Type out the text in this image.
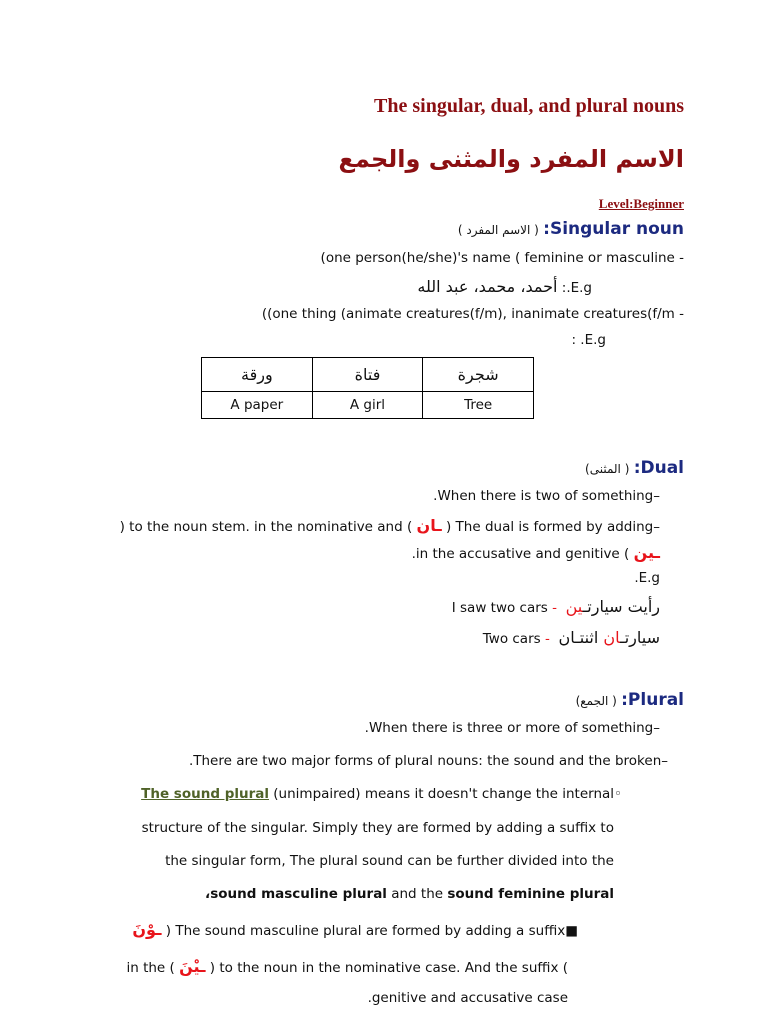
The singular, dual, and plural nouns
الاسم المفرد والمثنى والجمع
Level:Beginner
( الاسم المفرد ) :Singular noun
(one person(he/she)'s name ( feminine or masculine -
أحمد، محمد، عبد الله :.E.g
((one thing (animate creatures(f/m), inanimate creatures(f/m -
: .E.g
ورقة	فتاة	شجرة
A paper	A girl	Tree
(المثنى ) :Dual
.When there is two of something–
) to the noun stem. in the nominative and ( ـان ) The dual is formed by adding–
.in the accusative and genitive ( ـين
.E.g
I saw two cars - رأيت سيارتـين
Two cars -	سيارتـان اثنتـان
(الجمع ) :Plural
.When there is three or more of something–
.There are two major forms of plural nouns: the sound and the broken–
The sound plural (unimpaired) means it doesn't change the internal◦
structure of the singular. Simply they are formed by adding a suffix to
the singular form, The plural sound can be further divided into the
،sound masculine plural and the sound feminine plural
ـوْنَ ) The sound masculine plural are formed by adding a suffix■
in the ( ـيْنَ ) to the noun in the nominative case. And the suffix (
.genitive and accusative case
